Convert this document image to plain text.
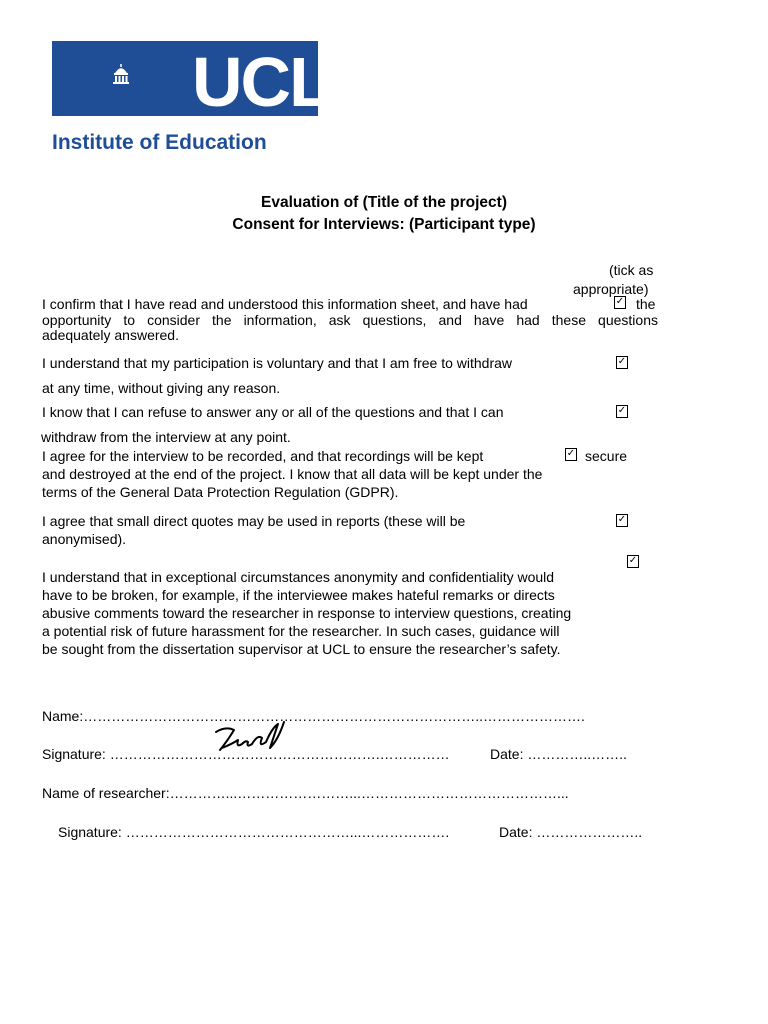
UCL
Institute of Education
Evaluation of (Title of the project)
Consent for Interviews: (Participant type)
(tick as
appropriate)
I confirm that I have read and understood this information sheet, and have had	✓ the
opportunity to consider the information, ask questions, and have had these questions
adequately answered.
I understand that my participation is voluntary and that I am free to withdraw	✓
at any time, without giving any reason.
I know that I can refuse to answer any or all of the questions and that I can	✓
withdraw from the interview at any point.
I agree for the interview to be recorded, and that recordings will be kept	✓ secure
and destroyed at the end of the project. I know that all data will be kept under the
terms of the General Data Protection Regulation (GDPR).
I agree that small direct quotes may be used in reports (these will be	✓
anonymised).
✓
I understand that in exceptional circumstances anonymity and confidentiality would
have to be broken, for example, if the interviewee makes hateful remarks or directs
abusive comments toward the researcher in response to interview questions, creating
a potential risk of future harassment for the researcher. In such cases, guidance will
be sought from the dissertation supervisor at UCL to ensure the researcher’s safety.
Name:…………………………………………………………………………..………………….
Signature: ………………………………………………….……………	Date: …………..……..
Name of researcher:…………...……………………...……………………………………...
Signature: …………………………………………...……………….	Date: …………………..
